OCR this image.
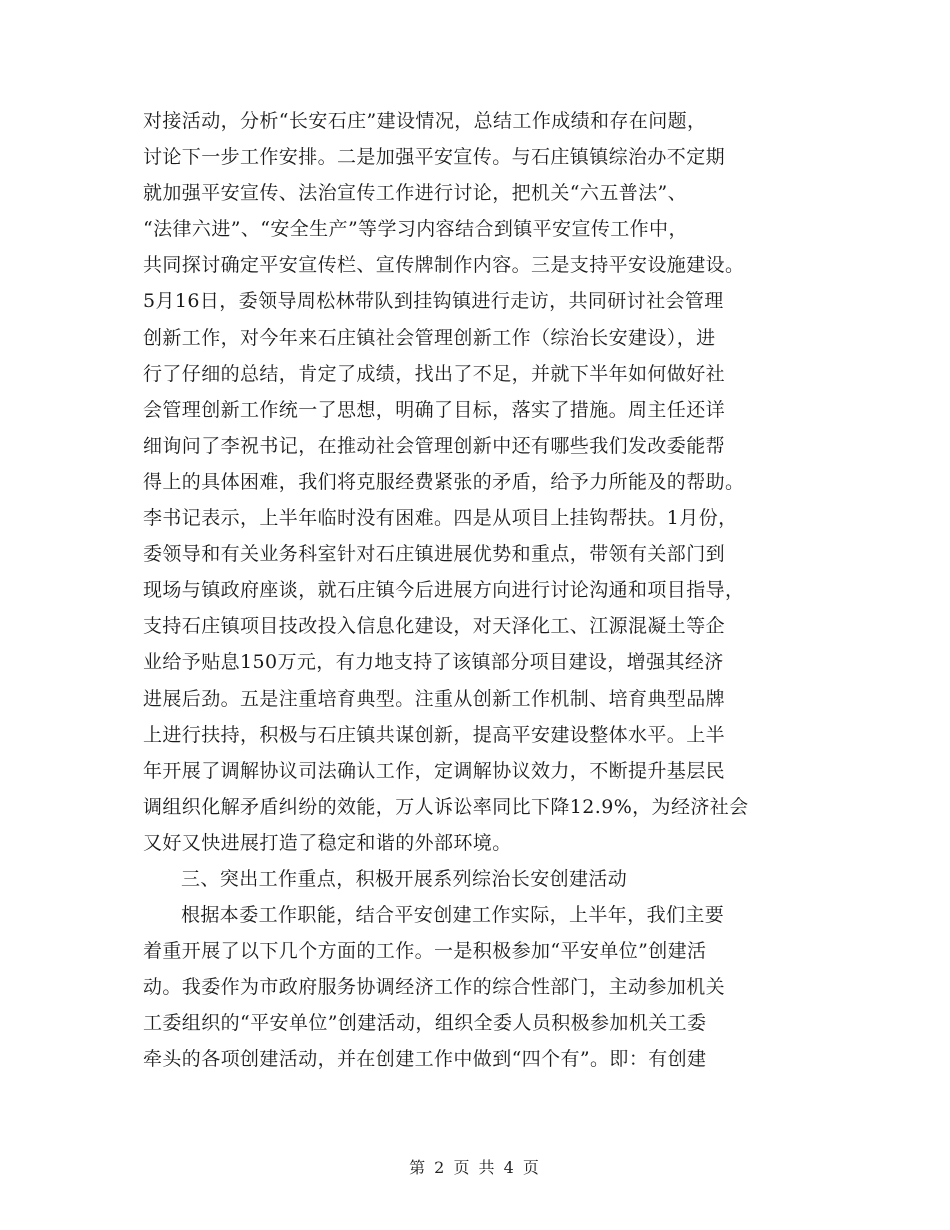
对接活动，分析“长安石庄”建设情况，总结工作成绩和存在问题，
讨论下一步工作安排。二是加强平安宣传。与石庄镇镇综治办不定期
就加强平安宣传、法治宣传工作进行讨论，把机关“六五普法”、
“法律六进”、“安全生产”等学习内容结合到镇平安宣传工作中，
共同探讨确定平安宣传栏、宣传牌制作内容。三是支持平安设施建设。
5月16日，委领导周松林带队到挂钩镇进行走访，共同研讨社会管理
创新工作，对今年来石庄镇社会管理创新工作（综治长安建设），进
行了仔细的总结，肯定了成绩，找出了不足，并就下半年如何做好社
会管理创新工作统一了思想，明确了目标，落实了措施。周主任还详
细询问了李祝书记，在推动社会管理创新中还有哪些我们发改委能帮
得上的具体困难，我们将克服经费紧张的矛盾，给予力所能及的帮助。
李书记表示，上半年临时没有困难。四是从项目上挂钩帮扶。1月份，
委领导和有关业务科室针对石庄镇进展优势和重点，带领有关部门到
现场与镇政府座谈，就石庄镇今后进展方向进行讨论沟通和项目指导，
支持石庄镇项目技改投入信息化建设，对天泽化工、江源混凝土等企
业给予贴息150万元，有力地支持了该镇部分项目建设，增强其经济
进展后劲。五是注重培育典型。注重从创新工作机制、培育典型品牌
上进行扶持，积极与石庄镇共谋创新，提高平安建设整体水平。上半
年开展了调解协议司法确认工作，定调解协议效力，不断提升基层民
调组织化解矛盾纠纷的效能，万人诉讼率同比下降12.9%，为经济社会
又好又快进展打造了稳定和谐的外部环境。
三、突出工作重点，积极开展系列综治长安创建活动
根据本委工作职能，结合平安创建工作实际，上半年，我们主要
着重开展了以下几个方面的工作。一是积极参加“平安单位”创建活
动。我委作为市政府服务协调经济工作的综合性部门，主动参加机关
工委组织的“平安单位”创建活动，组织全委人员积极参加机关工委
牵头的各项创建活动，并在创建工作中做到“四个有”。即：有创建
第 2 页 共 4 页
